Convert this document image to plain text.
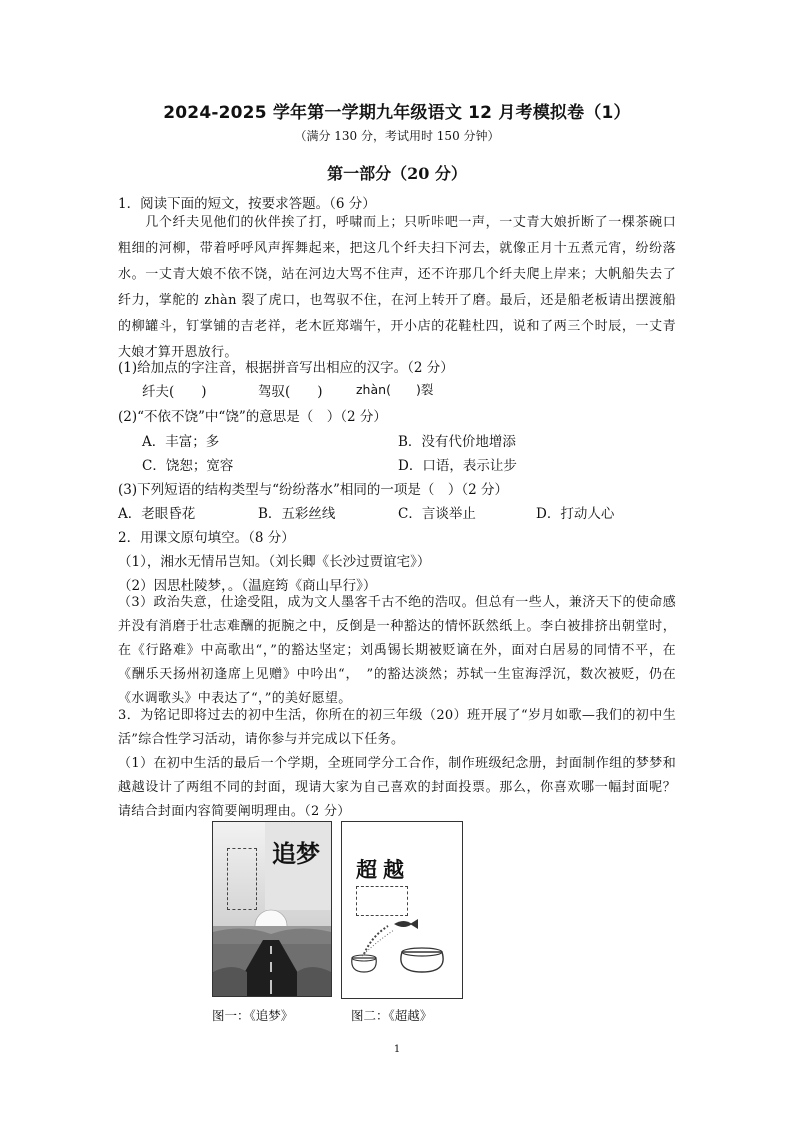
2024-2025 学年第一学期九年级语文 12 月考模拟卷（1）
（满分 130 分，考试用时 150 分钟）
第一部分（20 分）
1．阅读下面的短文，按要求答题。（6 分）
　　几个纤夫见他们的伙伴挨了打，呼啸而上；只听咔吧一声，一丈青大娘折断了一棵茶碗口粗细的河柳，带着呼呼风声挥舞起来，把这几个纤夫扫下河去，就像正月十五煮元宵，纷纷落水。一丈青大娘不依不饶，站在河边大骂不住声，还不许那几个纤夫爬上岸来；大帆船失去了纤力，掌舵的 zhàn 裂了虎口，也驾驭不住，在河上转开了磨。最后，还是船老板请出摆渡船的柳罐斗，钉掌铺的吉老祥，老木匠郑端午，开小店的花鞋杜四，说和了两三个时辰，一丈青大娘才算开恩放行。
(1)给加点的字注音，根据拼音写出相应的汉字。（2 分）
纤夫(　　)	驾驭(　　)	zhàn(　　)裂
(2)“不依不饶”中“饶”的意思是（　）（2 分）
A．丰富；多	B．没有代价地增添
C．饶恕；宽容	D．口语，表示让步
(3)下列短语的结构类型与“纷纷落水”相同的一项是（　）（2 分）
A．老眼昏花	B．五彩丝线	C．言谈举止	D．打动人心
2．用课文原句填空。（8 分）
（1），湘水无情吊岂知。（刘长卿《长沙过贾谊宅》）
（2）因思杜陵梦，。（温庭筠《商山早行》）
（3）政治失意，仕途受阻，成为文人墨客千古不绝的浩叹。但总有一些人，兼济天下的使命感并没有消磨于壮志难酬的扼腕之中，反倒是一种豁达的情怀跃然纸上。李白被排挤出朝堂时，在《行路难》中高歌出“，”的豁达坚定；刘禹锡长期被贬谪在外，面对白居易的同情不平，在《酬乐天扬州初逢席上见赠》中吟出“，　”的豁达淡然；苏轼一生宦海浮沉，数次被贬，仍在《水调歌头》中表达了“，”的美好愿望。
3．为铭记即将过去的初中生活，你所在的初三年级（20）班开展了“岁月如歌—我们的初中生活”综合性学习活动，请你参与并完成以下任务。
（1）在初中生活的最后一个学期，全班同学分工合作，制作班级纪念册，封面制作组的梦梦和越越设计了两组不同的封面，现请大家为自己喜欢的封面投票。那么，你喜欢哪一幅封面呢？请结合封面内容简要阐明理由。（2 分）
追梦
图一：《追梦》
超越
图二：《超越》
1
